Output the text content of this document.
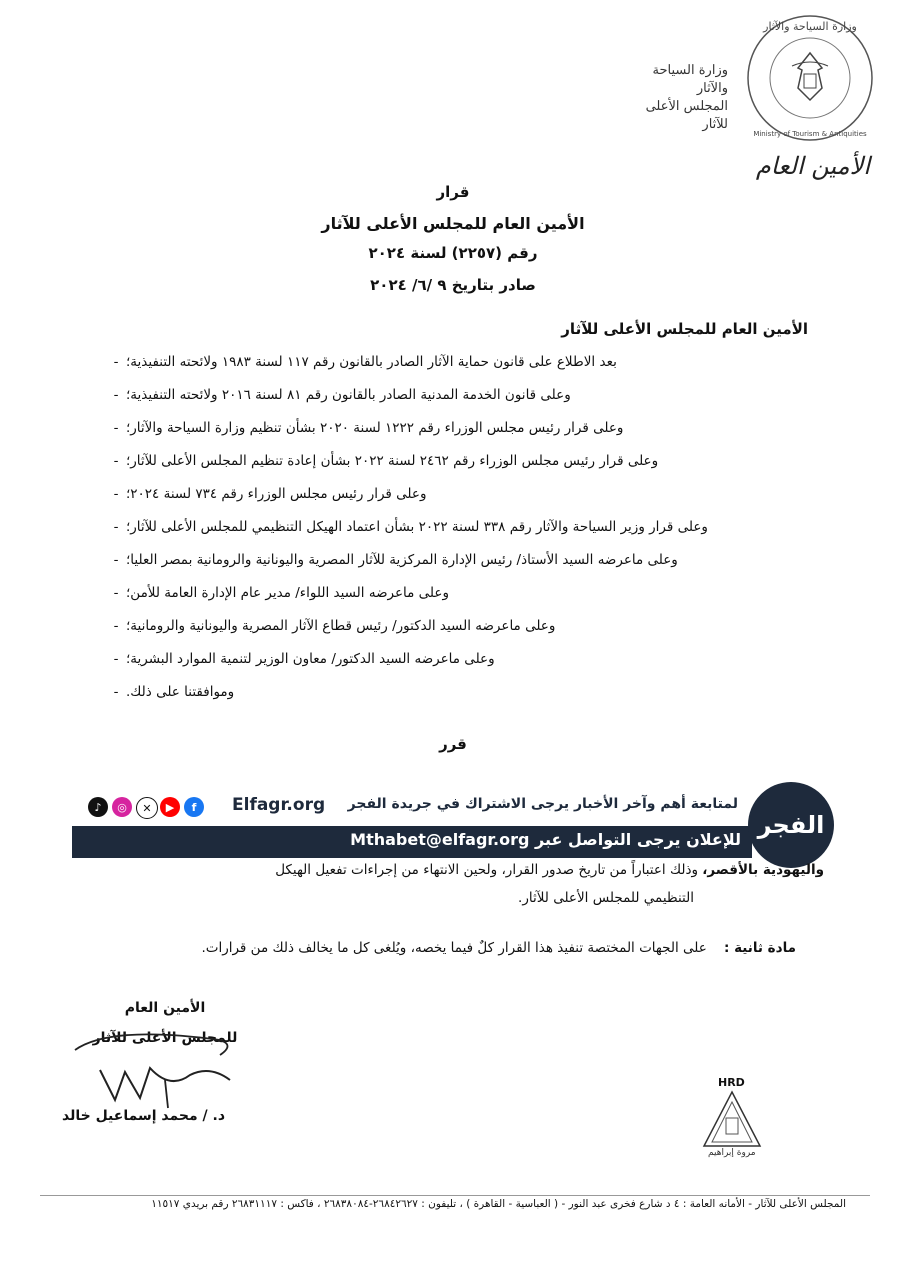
وزارة السياحة والآثار
Ministry of Tourism & Antiquities
وزارة السياحة والآثار
المجلس الأعلى للآثار
الأمين العام
قرار
الأمين العام للمجلس الأعلى للآثار
رقم (٢٢٥٧) لسنة ٢٠٢٤
صادر بتاريخ ٩ /٦/ ٢٠٢٤
الأمين العام للمجلس الأعلى للآثار
- بعد الاطلاع على قانون حماية الآثار الصادر بالقانون رقم ١١٧ لسنة ١٩٨٣ ولائحته التنفيذية؛
- وعلى قانون الخدمة المدنية الصادر بالقانون رقم ٨١ لسنة ٢٠١٦ ولائحته التنفيذية؛
- وعلى قرار رئيس مجلس الوزراء رقم ١٢٢٢ لسنة ٢٠٢٠ بشأن تنظيم وزارة السياحة والآثار؛
- وعلى قرار رئيس مجلس الوزراء رقم ٢٤٦٢ لسنة ٢٠٢٢ بشأن إعادة تنظيم المجلس الأعلى للآثار؛
- وعلى قرار رئيس مجلس الوزراء رقم ٧٣٤ لسنة ٢٠٢٤؛
- وعلى قرار وزير السياحة والآثار رقم ٣٣٨ لسنة ٢٠٢٢ بشأن اعتماد الهيكل التنظيمي للمجلس الأعلى للآثار؛
- وعلى ماعرضه السيد الأستاذ/ رئيس الإدارة المركزية للآثار المصرية واليونانية والرومانية بمصر العليا؛
- وعلى ماعرضه السيد اللواء/ مدير عام الإدارة العامة للأمن؛
- وعلى ماعرضه السيد الدكتور/ رئيس قطاع الآثار المصرية واليونانية والرومانية؛
- وعلى ماعرضه السيد الدكتور/ معاون الوزير لتنمية الموارد البشرية؛
- وموافقتنا على ذلك.
قرر
لمتابعة أهم وآخر الأخبار يرجى الاشتراك في جريدة الفجر
Elfagr.org
للإعلان يرجى التواصل عبر Mthabet@elfagr.org
الفجر
f
▶
✕
◎
♪
واليهودية بالأقصر، وذلك اعتباراً من تاريخ صدور القرار، ولحين الانتهاء من إجراءات تفعيل الهيكل
التنظيمي للمجلس الأعلى للآثار.
مادة ثانية :    على الجهات المختصة تنفيذ هذا القرار كلٌ فيما يخصه، ويُلغى كل ما يخالف ذلك من قرارات.
الأمين العام
للمجلس الأعلى للآثار
د. / محمد إسماعيل خالد
HRD
مروة إبراهيم
المجلس الأعلى للآثار - الأمانه العامة : ٤ د شارع فخرى عبد النور - ( العباسية - القاهرة ) ، تليفون : ٢٦٨٤٢٦٢٧-٢٦٨٣٨٠٨٤ ، فاكس : ٢٦٨٣١١١٧ رقم بريدي ١١٥١٧
